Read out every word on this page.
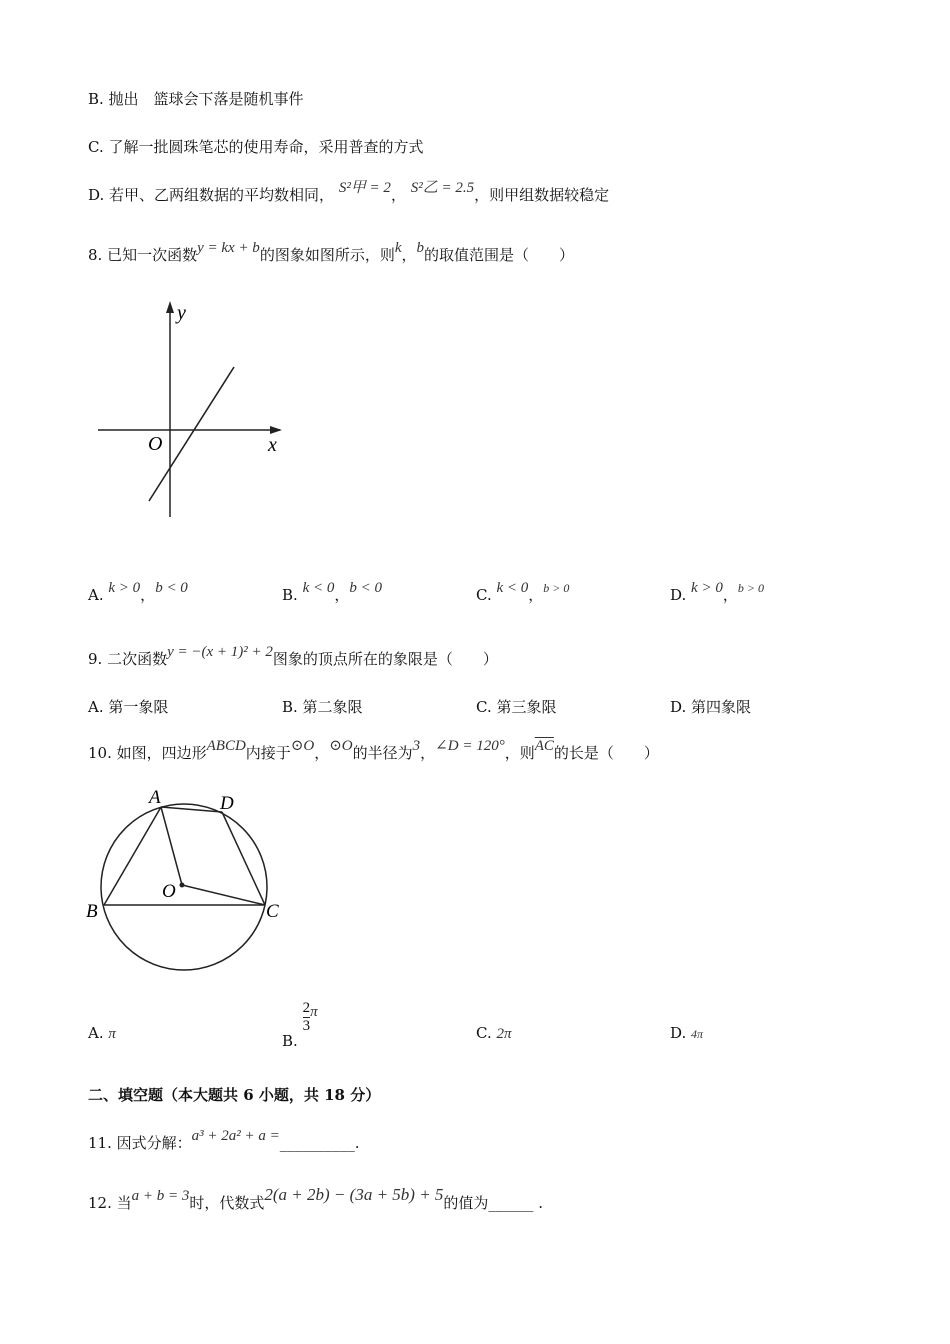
B. 抛出　篮球会下落是随机事件
C. 了解一批圆珠笔芯的使用寿命，采用普查的方式
D. 若甲、乙两组数据的平均数相同， S²甲 = 2， S²乙 = 2.5，则甲组数据较稳定
8. 已知一次函数y = kx + b的图象如图所示，则k，b的取值范围是（　　）
y
x
O
A. k > 0，b < 0	B. k < 0，b < 0	C. k < 0，$^{b > 0}$	D. k > 0，$^{b > 0}$
9. 二次函数y = −(x + 1)² + 2图象的顶点所在的象限是（　　）
A. 第一象限	B. 第二象限	C. 第三象限	D. 第四象限
10. 如图，四边形ABCD内接于⊙O，⊙O的半径为3，∠D = 120°，则$\overline{AC}$的长是（　　）
A	D
O
B	C
A. π	B.
$\frac{2}{3}$ π
C. 2π	D. 4π
二、填空题（本大题共 6 小题，共 18 分）
11. 因式分解：a³ + 2a² + a =__________.
12. 当a + b = 3时，代数式2(a + 2b) − (3a + 5b) + 5的值为______ .
